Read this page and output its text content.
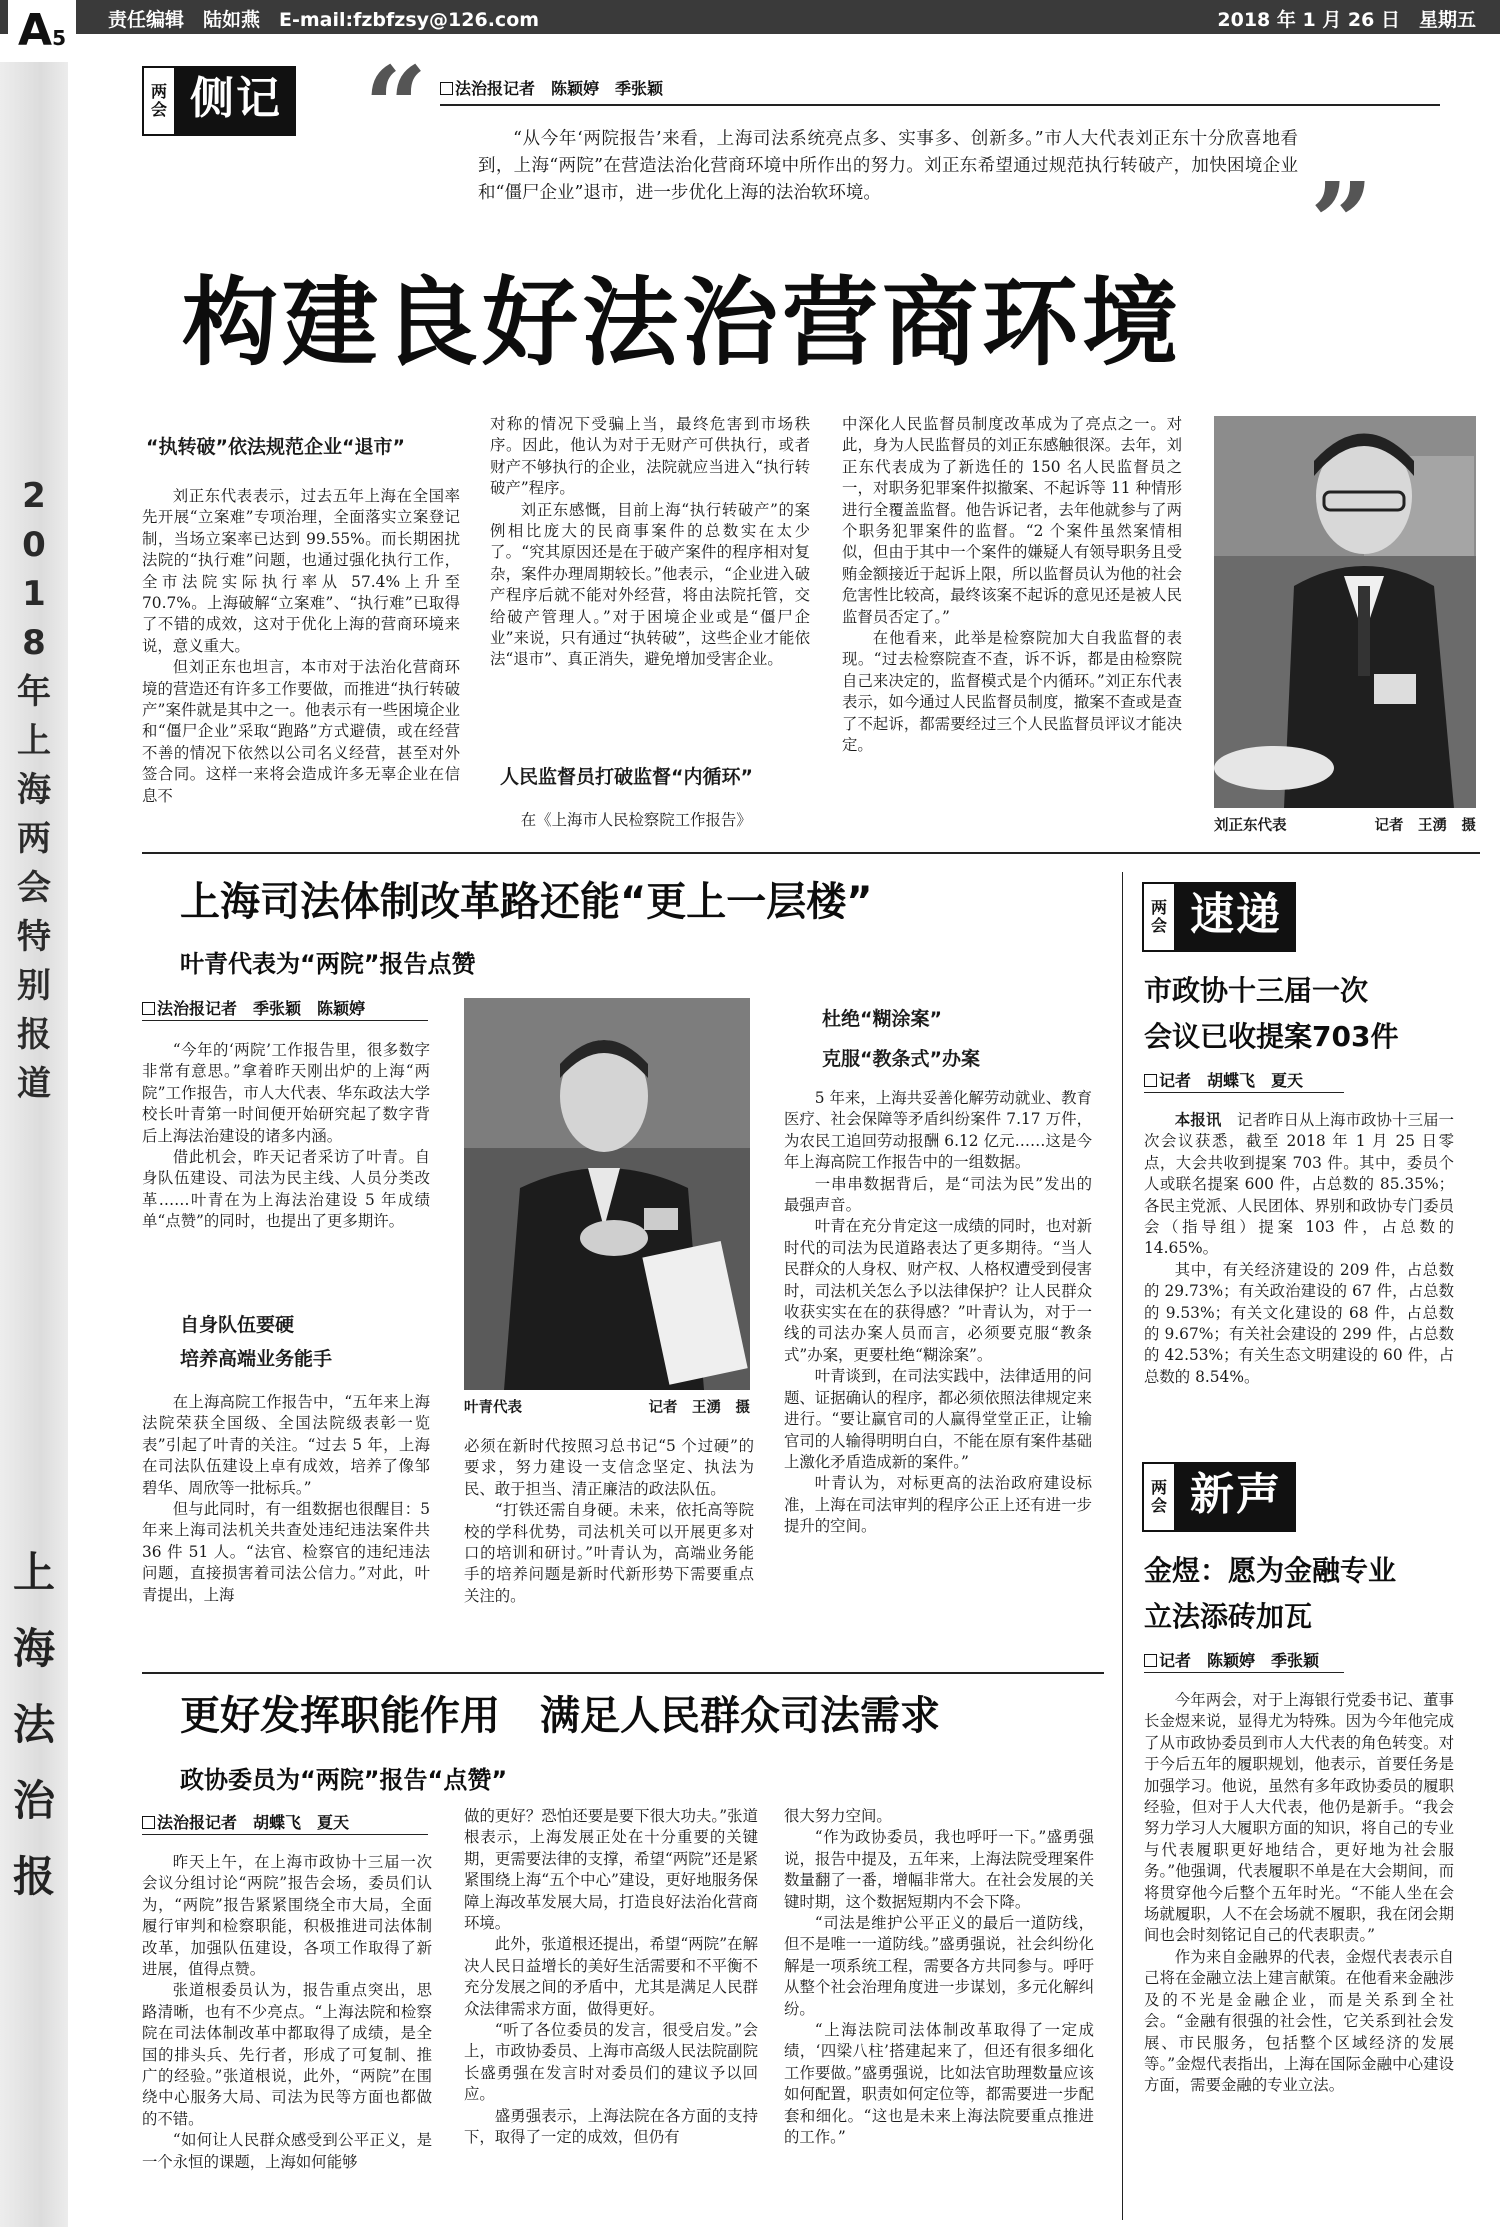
责任编辑　陆如燕　E-mail:fzbfzsy@126.com	2018 年 1 月 26 日　星期五
A5
2018年上海两会特别报道
上海法治报
两会 侧记 “	法治报记者　陈颖婷　季张颖
“从今年‘两院报告’来看，上海司法系统亮点多、实事多、创新多。”市人大代表刘正东十分欣喜地看到，上海“两院”在营造法治化营商环境中所作出的努力。刘正东希望通过规范执行转破产，加快困境企业和“僵尸企业”退市，进一步优化上海的法治软环境。	”
构建良好法治营商环境
“执转破”依法规范企业“退市”

刘正东代表表示，过去五年上海在全国率先开展“立案难”专项治理，全面落实立案登记制，当场立案率已达到 99.55%。而长期困扰法院的“执行难”问题，也通过强化执行工作，全市法院实际执行率从 57.4%上升至 70.7%。上海破解“立案难”、“执行难”已取得了不错的成效，这对于优化上海的营商环境来说，意义重大。

但刘正东也坦言，本市对于法治化营商环境的营造还有许多工作要做，而推进“执行转破产”案件就是其中之一。他表示有一些困境企业和“僵尸企业”采取“跑路”方式避债，或在经营不善的情况下依然以公司名义经营，甚至对外签合同。这样一来将会造成许多无辜企业在信息不

对称的情况下受骗上当，最终危害到市场秩序。因此，他认为对于无财产可供执行，或者财产不够执行的企业，法院就应当进入“执行转破产”程序。

刘正东感慨，目前上海“执行转破产”的案例相比庞大的民商事案件的总数实在太少了。“究其原因还是在于破产案件的程序相对复杂，案件办理周期较长。”他表示，“企业进入破产程序后就不能对外经营，将由法院托管，交给破产管理人。”对于困境企业或是“僵尸企业”来说，只有通过“执转破”，这些企业才能依法“退市”、真正消失，避免增加受害企业。

人民监督员打破监督“内循环”

在《上海市人民检察院工作报告》

中深化人民监督员制度改革成为了亮点之一。对此，身为人民监督员的刘正东感触很深。去年，刘正东代表成为了新选任的 150 名人民监督员之一，对职务犯罪案件拟撤案、不起诉等 11 种情形进行全覆盖监督。他告诉记者，去年他就参与了两个职务犯罪案件的监督。“2 个案件虽然案情相似，但由于其中一个案件的嫌疑人有领导职务且受贿金额接近于起诉上限，所以监督员认为他的社会危害性比较高，最终该案不起诉的意见还是被人民监督员否定了。”

在他看来，此举是检察院加大自我监督的表现。“过去检察院查不查，诉不诉，都是由检察院自己来决定的，监督模式是个内循环。”刘正东代表表示，如今通过人民监督员制度，撤案不查或是查了不起诉，都需要经过三个人民监督员评议才能决定。

刘正东代表	记者　王湧　摄
上海司法体制改革路还能“更上一层楼”
叶青代表为“两院”报告点赞
法治报记者　季张颖　陈颖婷

“今年的‘两院’工作报告里，很多数字非常有意思。”拿着昨天刚出炉的上海“两院”工作报告，市人大代表、华东政法大学校长叶青第一时间便开始研究起了数字背后上海法治建设的诸多内涵。

借此机会，昨天记者采访了叶青。自身队伍建设、司法为民主线、人员分类改革……叶青在为上海法治建设 5 年成绩单“点赞”的同时，也提出了更多期许。

自身队伍要硬
培养高端业务能手

在上海高院工作报告中，“五年来上海法院荣获全国级、全国法院级表彰一览表”引起了叶青的关注。“过去 5 年，上海在司法队伍建设上卓有成效，培养了像邹碧华、周欣等一批标兵。”

但与此同时，有一组数据也很醒目：5 年来上海司法机关共查处违纪违法案件共 36 件 51 人。“法官、检察官的违纪违法问题，直接损害着司法公信力。”对此，叶青提出，上海

叶青代表	记者　王湧　摄

必须在新时代按照习总书记“5 个过硬”的要求，努力建设一支信念坚定、执法为民、敢于担当、清正廉洁的政法队伍。

“打铁还需自身硬。未来，依托高等院校的学科优势，司法机关可以开展更多对口的培训和研讨。”叶青认为，高端业务能手的培养问题是新时代新形势下需要重点关注的。

杜绝“糊涂案”
克服“教条式”办案

5 年来，上海共妥善化解劳动就业、教育医疗、社会保障等矛盾纠纷案件 7.17 万件，为农民工追回劳动报酬 6.12 亿元……这是今年上海高院工作报告中的一组数据。

一串串数据背后，是“司法为民”发出的最强声音。

叶青在充分肯定这一成绩的同时，也对新时代的司法为民道路表达了更多期待。“当人民群众的人身权、财产权、人格权遭受到侵害时，司法机关怎么予以法律保护？让人民群众收获实实在在的获得感？”叶青认为，对于一线的司法办案人员而言，必须要克服“教条式”办案，更要杜绝“糊涂案”。

叶青谈到，在司法实践中，法律适用的问题、证据确认的程序，都必须依照法律规定来进行。“要让赢官司的人赢得堂堂正正，让输官司的人输得明明白白，不能在原有案件基础上激化矛盾造成新的案件。”

叶青认为，对标更高的法治政府建设标准，上海在司法审判的程序公正上还有进一步提升的空间。

更好发挥职能作用　满足人民群众司法需求
政协委员为“两院”报告“点赞”
法治报记者　胡蝶飞　夏天

昨天上午，在上海市政协十三届一次会议分组讨论“两院”报告会场，委员们认为，“两院”报告紧紧围绕全市大局，全面履行审判和检察职能，积极推进司法体制改革，加强队伍建设，各项工作取得了新进展，值得点赞。

张道根委员认为，报告重点突出，思路清晰，也有不少亮点。“上海法院和检察院在司法体制改革中都取得了成绩，是全国的排头兵、先行者，形成了可复制、推广的经验。”张道根说，此外，“两院”在围绕中心服务大局、司法为民等方面也都做的不错。

“如何让人民群众感受到公平正义，是一个永恒的课题，上海如何能够

做的更好？恐怕还要是要下很大功夫。”张道根表示，上海发展正处在十分重要的关键期，更需要法律的支撑，希望“两院”还是紧紧围绕上海“五个中心”建设，更好地服务保障上海改革发展大局，打造良好法治化营商环境。

此外，张道根还提出，希望“两院”在解决人民日益增长的美好生活需要和不平衡不充分发展之间的矛盾中，尤其是满足人民群众法律需求方面，做得更好。

“听了各位委员的发言，很受启发。”会上，市政协委员、上海市高级人民法院副院长盛勇强在发言时对委员们的建议予以回应。

盛勇强表示，上海法院在各方面的支持下，取得了一定的成效，但仍有

很大努力空间。

“作为政协委员，我也呼吁一下。”盛勇强说，报告中提及，五年来，上海法院受理案件数量翻了一番，增幅非常大。在社会发展的关键时期，这个数据短期内不会下降。

“司法是维护公平正义的最后一道防线，但不是唯一一道防线。”盛勇强说，社会纠纷化解是一项系统工程，需要各方共同参与。呼吁从整个社会治理角度进一步谋划，多元化解纠纷。

“上海法院司法体制改革取得了一定成绩，‘四梁八柱’搭建起来了，但还有很多细化工作要做。”盛勇强说，比如法官助理数量应该如何配置，职责如何定位等，都需要进一步配套和细化。“这也是未来上海法院要重点推进的工作。”

两会 速递
市政协十三届一次
会议已收提案703件
记者　胡蝶飞　夏天

本报讯　 记者昨日从上海市政协十三届一次会议获悉，截至 2018 年 1 月 25 日零点，大会共收到提案 703 件。其中，委员个人或联名提案 600 件，占总数的 85.35%；各民主党派、人民团体、界别和政协专门委员会（指导组）提案 103 件，占总数的 14.65%。

其中，有关经济建设的 209 件，占总数的 29.73%；有关政治建设的 67 件，占总数的 9.53%；有关文化建设的 68 件，占总数的 9.67%；有关社会建设的 299 件，占总数的 42.53%；有关生态文明建设的 60 件，占总数的 8.54%。

两会 新声
金煜：愿为金融专业
立法添砖加瓦
记者　陈颖婷　季张颖

今年两会，对于上海银行党委书记、董事长金煜来说，显得尤为特殊。因为今年他完成了从市政协委员到市人大代表的角色转变。对于今后五年的履职规划，他表示，首要任务是加强学习。他说，虽然有多年政协委员的履职经验，但对于人大代表，他仍是新手。“我会努力学习人大履职方面的知识，将自己的专业与代表履职更好地结合，更好地为社会服务。”他强调，代表履职不单是在大会期间，而将贯穿他今后整个五年时光。“不能人坐在会场就履职，人不在会场就不履职，我在闭会期间也会时刻铭记自己的代表职责。”

作为来自金融界的代表，金煜代表表示自己将在金融立法上建言献策。在他看来金融涉及的不光是金融企业，而是关系到全社会。“金融有很强的社会性，它关系到社会发展、市民服务，包括整个区域经济的发展等。”金煜代表指出，上海在国际金融中心建设方面，需要金融的专业立法。
